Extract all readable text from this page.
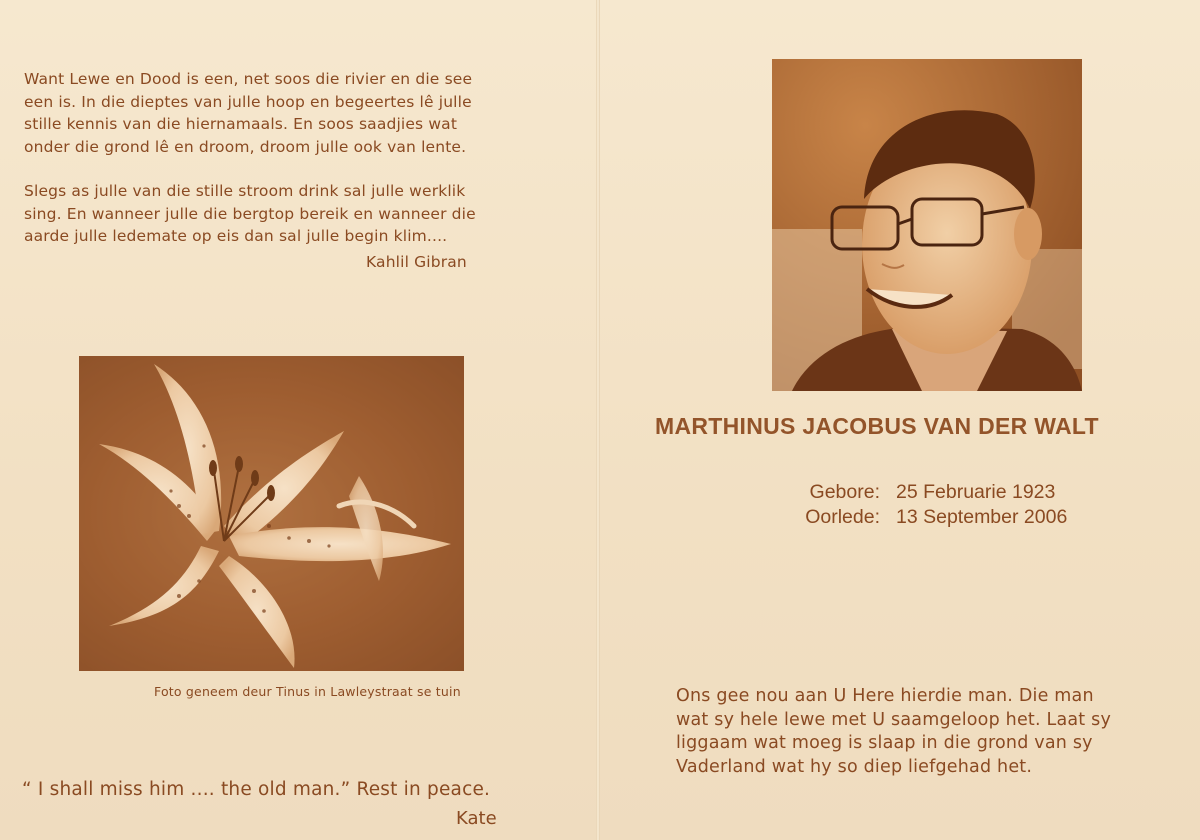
Want Lewe en Dood is een, net soos die rivier en die see
een is. In die dieptes van julle hoop en begeertes lê julle
stille kennis van die hiernamaals. En soos saadjies wat
onder die grond lê en droom, droom julle ook van lente.

Slegs as julle van die stille stroom drink sal julle werklik
sing. En wanneer julle die bergtop bereik en wanneer die
aarde julle ledemate op eis dan sal julle begin klim....

Kahlil Gibran
Foto geneem deur Tinus in Lawleystraat se tuin
“ I shall miss him .... the old man.” Rest in peace.
Kate
MARTHINUS JACOBUS VAN DER WALT
Gebore: 25 Februarie 1923
Oorlede: 13 September 2006
Ons gee nou aan U Here hierdie man. Die man
wat sy hele lewe met U saamgeloop het. Laat sy
liggaam wat moeg is slaap in die grond van sy
Vaderland wat hy so diep liefgehad het.
